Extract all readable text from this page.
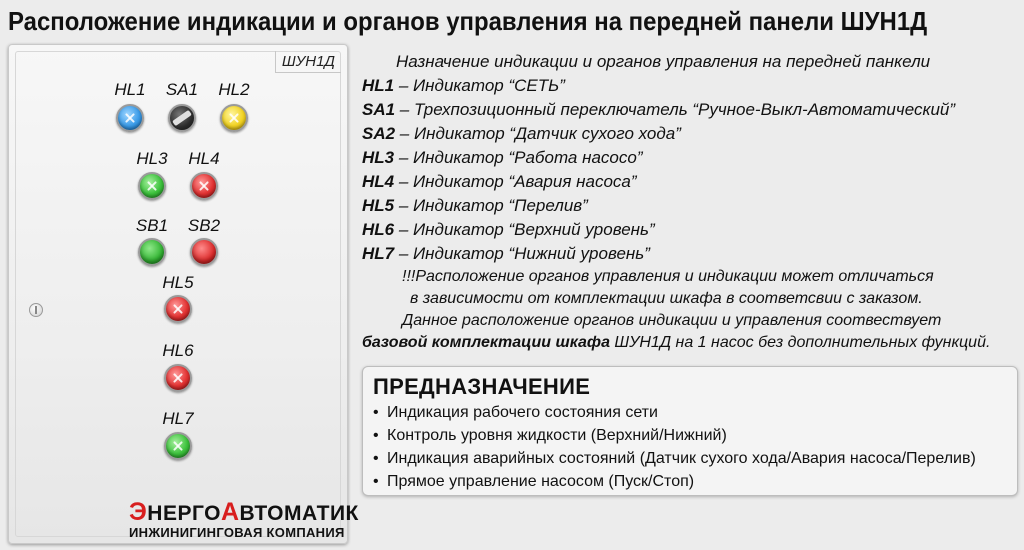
Расположение индикации и органов управления на передней панели ШУН1Д
ШУН1Д
HL1	SA1	HL2
HL3	HL4
SB1	SB2
HL5
HL6
HL7
ЭНЕРГОАВТОМАТИК
ИНЖИНИГИНГОВАЯ КОМПАНИЯ
Назначение индикации и органов управления на передней панкели
HL1 – Индикатор “СЕТЬ”
SA1 – Трехпозиционный переключатель “Ручное-Выкл-Автоматический”
SA2 – Индикатор “Датчик сухого хода”
HL3 – Индикатор “Работа насосо”
HL4 – Индикатор “Авария насоса”
HL5 – Индикатор “Перелив”
HL6 – Индикатор “Верхний уровень”
HL7 – Индикатор “Нижний уровень”
!!!Расположение органов управления и индикации может отличаться
в зависимости от комплектации шкафа в соответсвии с заказом.
Данное расположение органов индикации и управления соотвествует
базовой комплектации шкафа ШУН1Д на 1 насос без дополнительных функций.
ПРЕДНАЗНАЧЕНИЕ
• Индикация рабочего состояния сети
• Контроль уровня жидкости (Верхний/Нижний)
• Индикация аварийных состояний (Датчик сухого хода/Авария насоса/Перелив)
• Прямое управление насосом (Пуск/Стоп)
